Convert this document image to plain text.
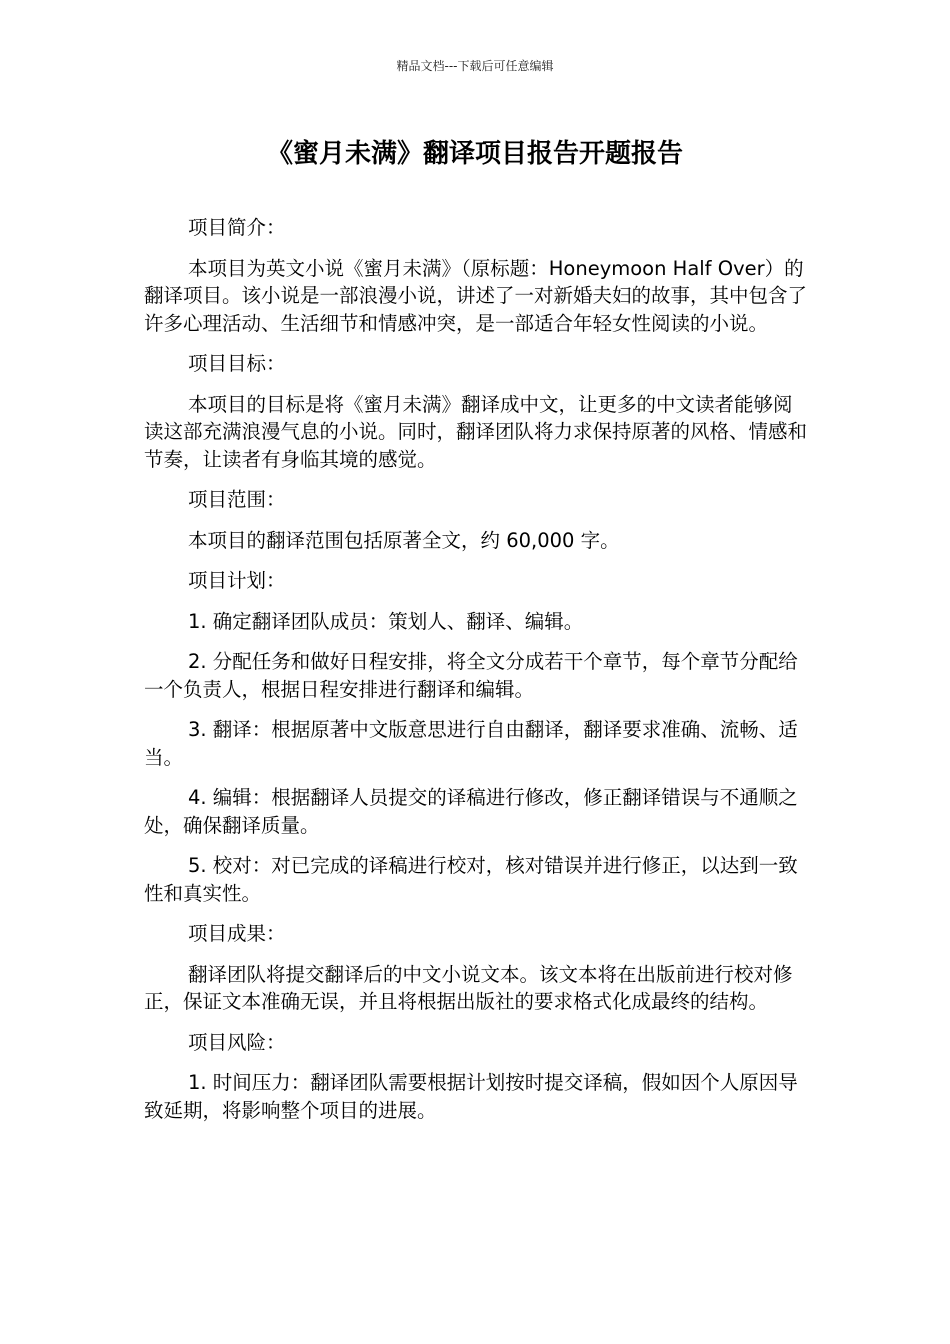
精品文档---下载后可任意编辑
《蜜月未满》翻译项目报告开题报告

项目简介：

本项目为英文小说《蜜月未满》（原标题：Honeymoon Half Over）的翻译项目。该小说是一部浪漫小说，讲述了一对新婚夫妇的故事，其中包含了许多心理活动、生活细节和情感冲突，是一部适合年轻女性阅读的小说。

项目目标：

本项目的目标是将《蜜月未满》翻译成中文，让更多的中文读者能够阅读这部充满浪漫气息的小说。同时，翻译团队将力求保持原著的风格、情感和节奏，让读者有身临其境的感觉。

项目范围：

本项目的翻译范围包括原著全文，约 60,000 字。

项目计划：

1. 确定翻译团队成员：策划人、翻译、编辑。

2. 分配任务和做好日程安排，将全文分成若干个章节，每个章节分配给一个负责人，根据日程安排进行翻译和编辑。

3. 翻译：根据原著中文版意思进行自由翻译，翻译要求准确、流畅、适当。

4. 编辑：根据翻译人员提交的译稿进行修改，修正翻译错误与不通顺之处，确保翻译质量。

5. 校对：对已完成的译稿进行校对，核对错误并进行修正，以达到一致性和真实性。

项目成果：

翻译团队将提交翻译后的中文小说文本。该文本将在出版前进行校对修正，保证文本准确无误，并且将根据出版社的要求格式化成最终的结构。

项目风险：

1. 时间压力：翻译团队需要根据计划按时提交译稿，假如因个人原因导致延期，将影响整个项目的进展。
